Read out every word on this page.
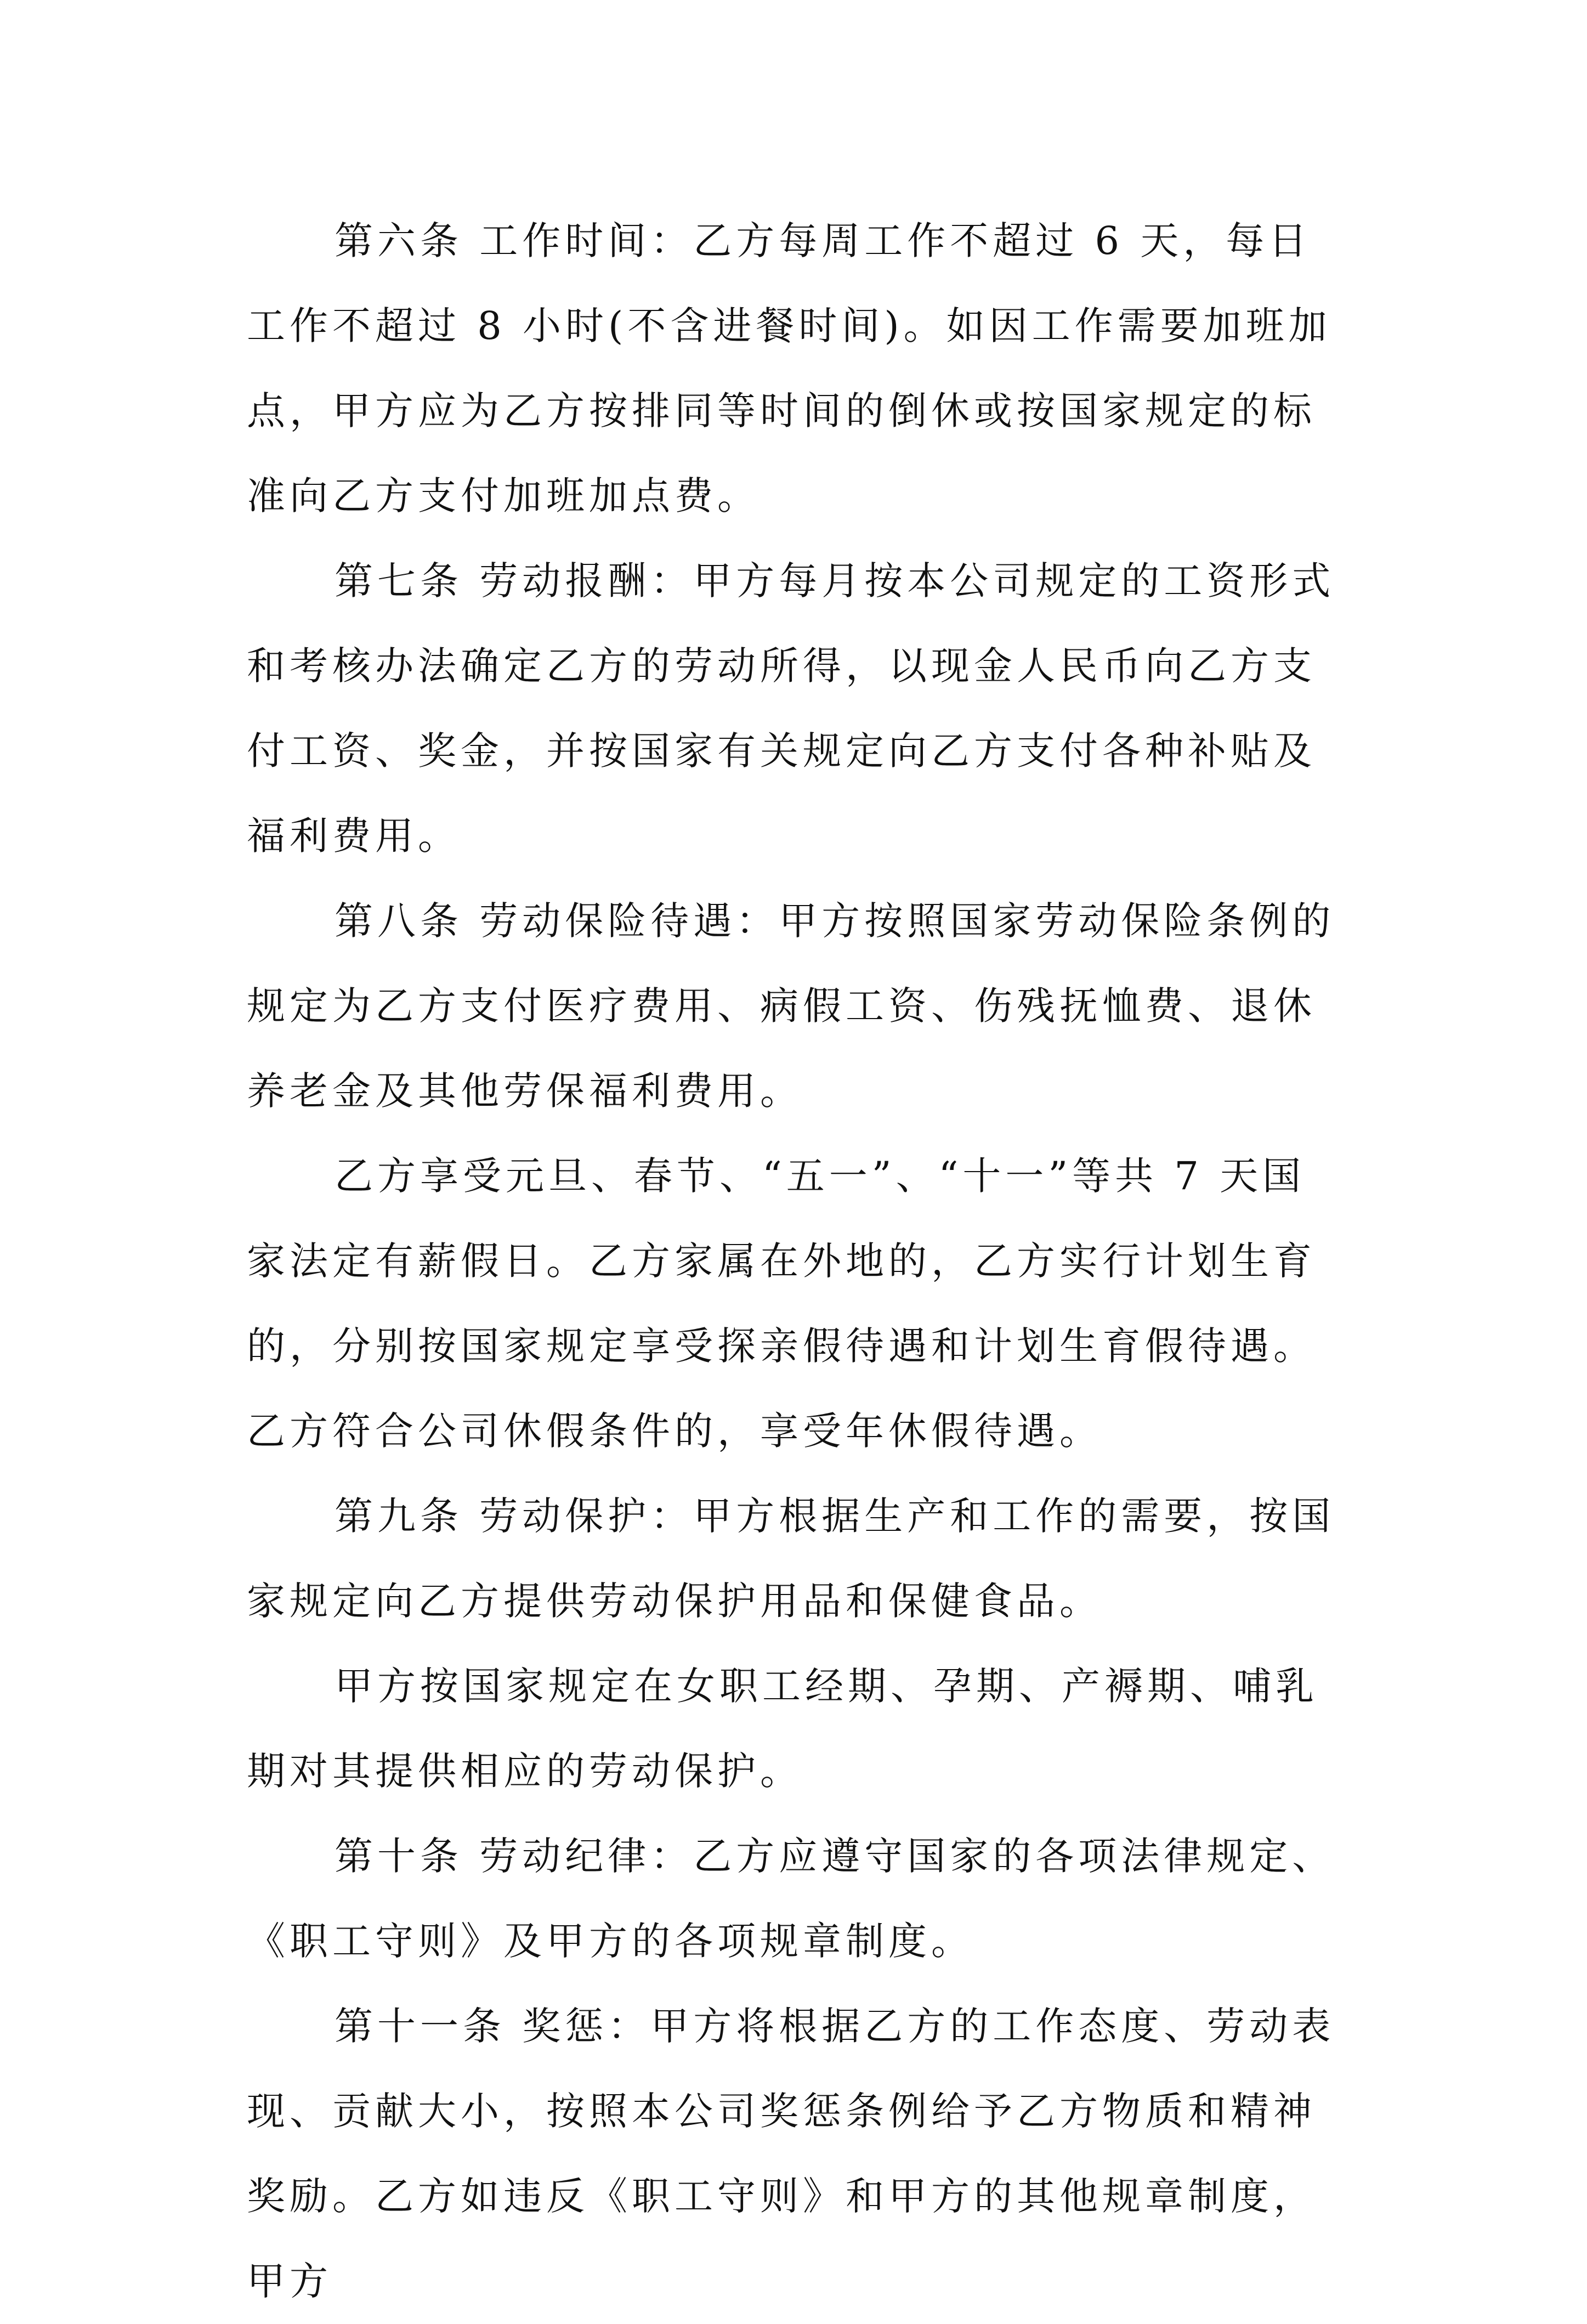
第六条 工作时间：乙方每周工作不超过 6 天，每日工作不超过 8 小时(不含进餐时间)。如因工作需要加班加点，甲方应为乙方按排同等时间的倒休或按国家规定的标准向乙方支付加班加点费。

第七条 劳动报酬：甲方每月按本公司规定的工资形式和考核办法确定乙方的劳动所得，以现金人民币向乙方支付工资、奖金，并按国家有关规定向乙方支付各种补贴及福利费用。

第八条 劳动保险待遇：甲方按照国家劳动保险条例的规定为乙方支付医疗费用、病假工资、伤残抚恤费、退休养老金及其他劳保福利费用。

乙方享受元旦、春节、“五一”、“十一”等共 7 天国家法定有薪假日。乙方家属在外地的，乙方实行计划生育的，分别按国家规定享受探亲假待遇和计划生育假待遇。乙方符合公司休假条件的，享受年休假待遇。

第九条 劳动保护：甲方根据生产和工作的需要，按国家规定向乙方提供劳动保护用品和保健食品。

甲方按国家规定在女职工经期、孕期、产褥期、哺乳期对其提供相应的劳动保护。

第十条 劳动纪律：乙方应遵守国家的各项法律规定、《职工守则》及甲方的各项规章制度。

第十一条 奖惩：甲方将根据乙方的工作态度、劳动表现、贡献大小，按照本公司奖惩条例给予乙方物质和精神奖励。乙方如违反《职工守则》和甲方的其他规章制度，甲方
